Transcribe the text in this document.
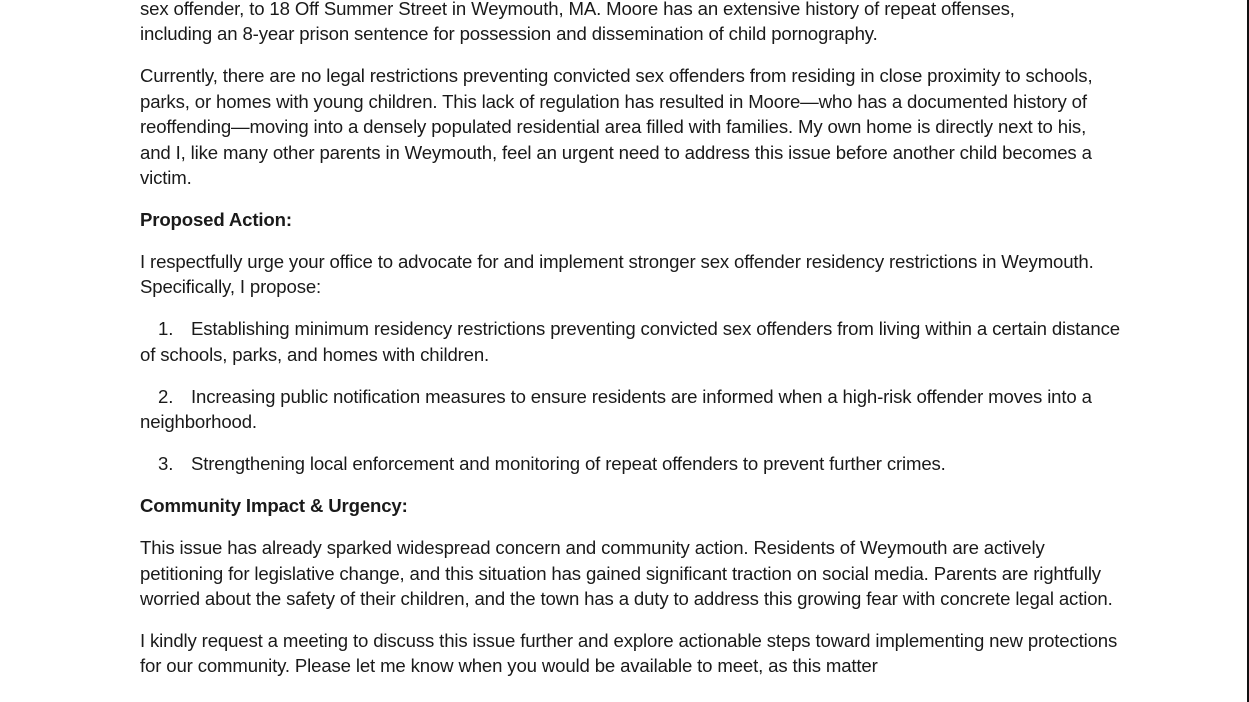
sex offender, to 18 Off Summer Street in Weymouth, MA. Moore has an extensive history of repeat offenses,
including an 8-year prison sentence for possession and dissemination of child pornography.

Currently, there are no legal restrictions preventing convicted sex offenders from residing in close proximity to schools, parks, or homes with young children. This lack of regulation has resulted in Moore—who has a documented history of reoffending—moving into a densely populated residential area filled with families. My own home is directly next to his, and I, like many other parents in Weymouth, feel an urgent need to address this issue before another child becomes a victim.

Proposed Action:

I respectfully urge your office to advocate for and implement stronger sex offender residency restrictions in Weymouth. Specifically, I propose:

1. Establishing minimum residency restrictions preventing convicted sex offenders from living within a certain distance of schools, parks, and homes with children.

2. Increasing public notification measures to ensure residents are informed when a high-risk offender moves into a neighborhood.

3. Strengthening local enforcement and monitoring of repeat offenders to prevent further crimes.

Community Impact & Urgency:

This issue has already sparked widespread concern and community action. Residents of Weymouth are actively petitioning for legislative change, and this situation has gained significant traction on social media. Parents are rightfully worried about the safety of their children, and the town has a duty to address this growing fear with concrete legal action.

I kindly request a meeting to discuss this issue further and explore actionable steps toward implementing new protections for our community. Please let me know when you would be available to meet, as this matter
